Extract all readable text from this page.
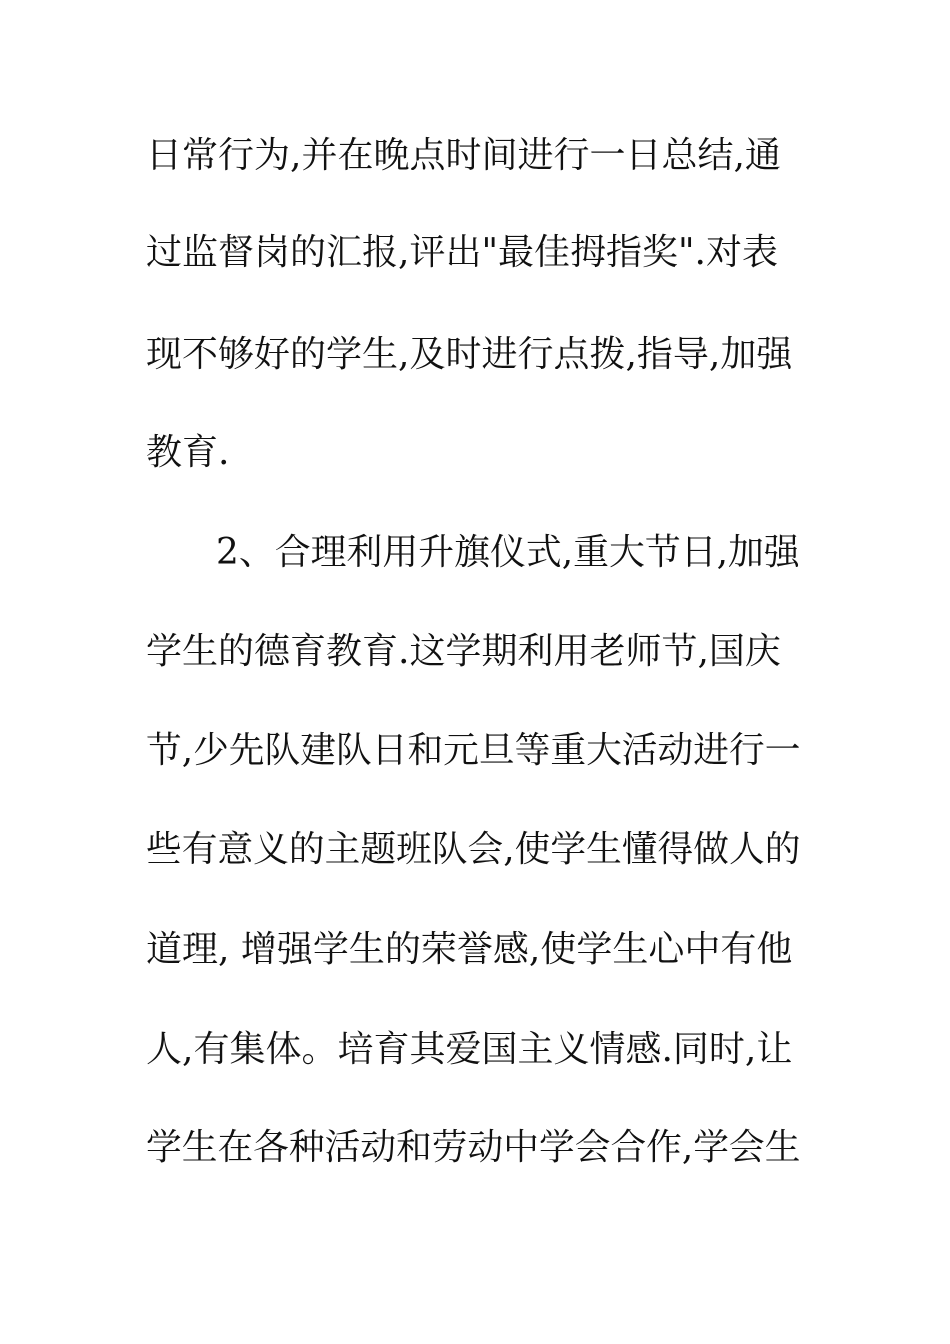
日常行为,并在晚点时间进行一日总结,通
过监督岗的汇报,评出"最佳拇指奖".对表
现不够好的学生,及时进行点拨,指导,加强
教育.
2、合理利用升旗仪式,重大节日,加强
学生的德育教育.这学期利用老师节,国庆
节,少先队建队日和元旦等重大活动进行一
些有意义的主题班队会,使学生懂得做人的
道理, 增强学生的荣誉感,使学生心中有他
人,有集体。培育其爱国主义情感.同时,让
学生在各种活动和劳动中学会合作,学会生
